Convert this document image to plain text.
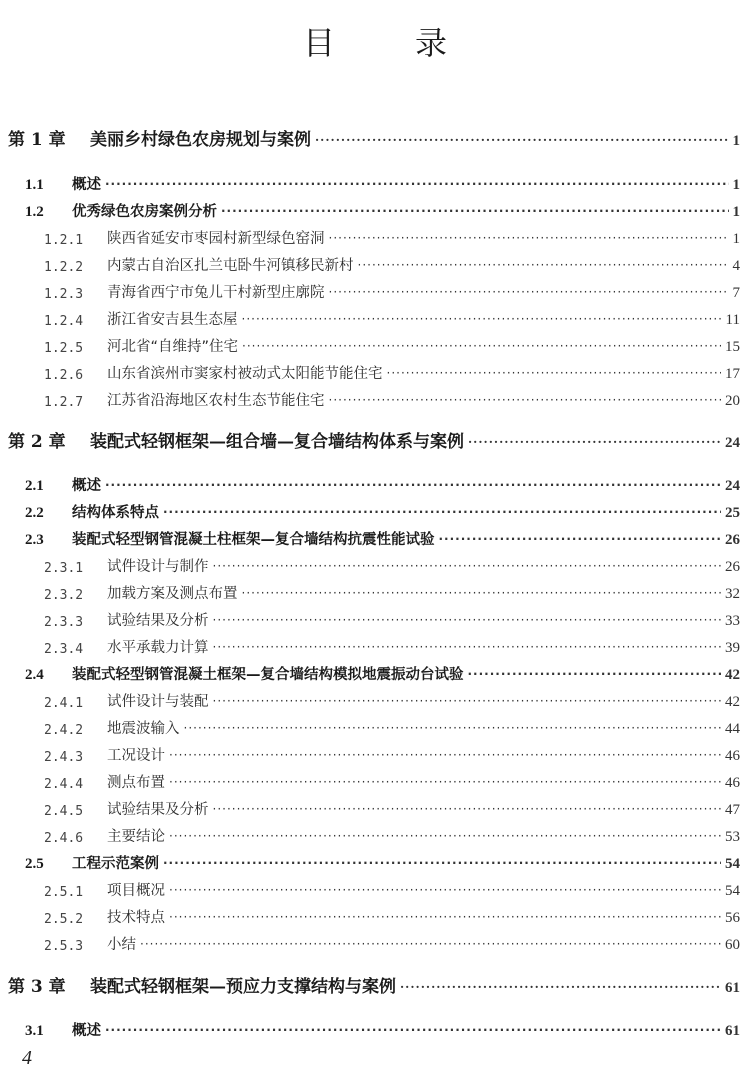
目	录
第 1 章	美丽乡村绿色农房规划与案例 ·····	1
1.1	概述 ·····	1
1.2	优秀绿色农房案例分析 ·····	1
1.2.1	陕西省延安市枣园村新型绿色窑洞 ·····	1
1.2.2	内蒙古自治区扎兰屯卧牛河镇移民新村 ·····	4
1.2.3	青海省西宁市兔儿干村新型庄廓院 ·····	7
1.2.4	浙江省安吉县生态屋 ·····	11
1.2.5	河北省“自维持”住宅 ·····	15
1.2.6	山东省滨州市窦家村被动式太阳能节能住宅 ·····	17
1.2.7	江苏省沿海地区农村生态节能住宅 ·····	20
第 2 章	装配式轻钢框架—组合墙—复合墙结构体系与案例 ·····	24
2.1	概述 ·····	24
2.2	结构体系特点 ·····	25
2.3	装配式轻型钢管混凝土柱框架—复合墙结构抗震性能试验 ·····	26
2.3.1	试件设计与制作 ·····	26
2.3.2	加载方案及测点布置 ·····	32
2.3.3	试验结果及分析 ·····	33
2.3.4	水平承载力计算 ·····	39
2.4	装配式轻型钢管混凝土框架—复合墙结构模拟地震振动台试验 ·····	42
2.4.1	试件设计与装配 ·····	42
2.4.2	地震波输入 ·····	44
2.4.3	工况设计 ·····	46
2.4.4	测点布置 ·····	46
2.4.5	试验结果及分析 ·····	47
2.4.6	主要结论 ·····	53
2.5	工程示范案例 ·····	54
2.5.1	项目概况 ·····	54
2.5.2	技术特点 ·····	56
2.5.3	小结 ·····	60
第 3 章	装配式轻钢框架—预应力支撑结构与案例 ·····	61
3.1	概述 ·····	61
4
